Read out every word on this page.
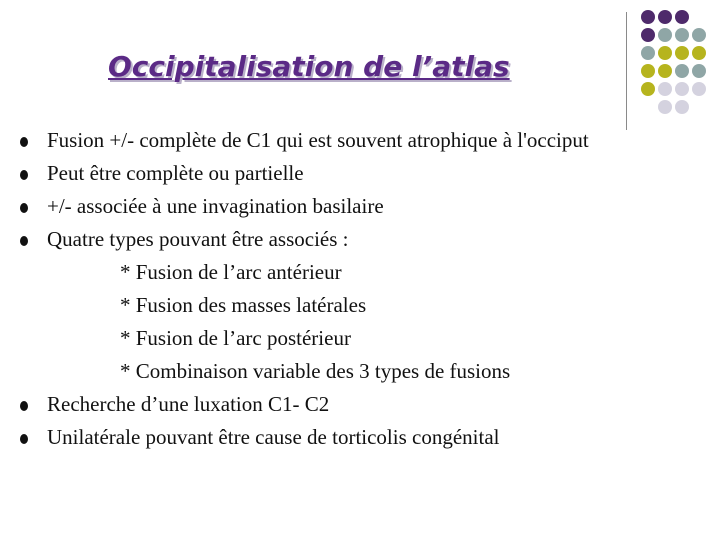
Occipitalisation de l’atlas
Fusion +/- complète de C1 qui est souvent atrophique à l'occiput
Peut être complète ou partielle
+/- associée à une invagination basilaire
Quatre types pouvant être associés :
* Fusion de l’arc antérieur
* Fusion des masses latérales
* Fusion de l’arc postérieur
* Combinaison variable des 3 types de fusions
Recherche d’une luxation C1- C2
Unilatérale pouvant être cause de torticolis congénital
